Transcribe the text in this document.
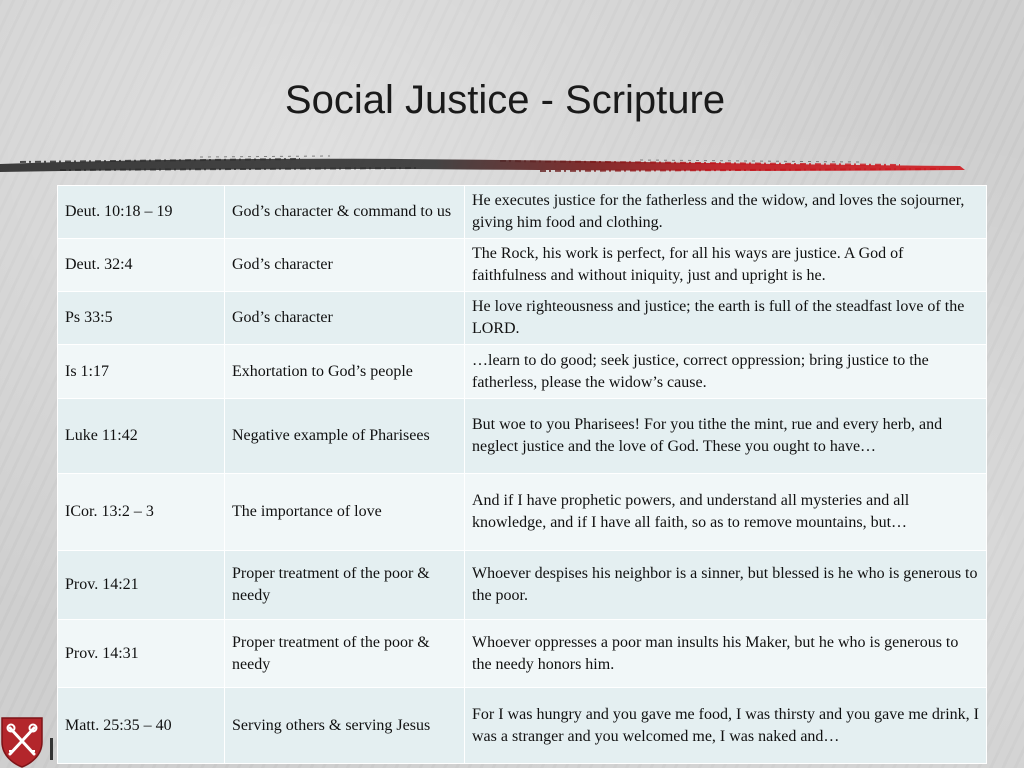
Social Justice - Scripture
Deut. 10:18 – 19	God’s character & command to us	He executes justice for the fatherless and the widow, and loves the sojourner, giving him food and clothing.
Deut. 32:4	God’s character	The Rock, his work is perfect, for all his ways are justice. A God of faithfulness and without iniquity, just and upright is he.
Ps 33:5	God’s character	He love righteousness and justice; the earth is full of the steadfast love of the LORD.
Is 1:17	Exhortation to God’s people	…learn to do good; seek justice, correct oppression; bring justice to the fatherless, please the widow’s cause.
Luke 11:42	Negative example of Pharisees	But woe to you Pharisees! For you tithe the mint, rue and every herb, and neglect justice and the love of God. These you ought to have…
ICor. 13:2 – 3	The importance of love	And if I have prophetic powers, and understand all mysteries and all knowledge, and if I have all faith, so as to remove mountains, but…
Prov. 14:21	Proper treatment of the poor & needy	Whoever despises his neighbor is a sinner, but blessed is he who is generous to the poor.
Prov. 14:31	Proper treatment of the poor & needy	Whoever oppresses a poor man insults his Maker, but he who is generous to the needy honors him.
Matt. 25:35 – 40	Serving others & serving Jesus	For I was hungry and you gave me food, I was thirsty and you gave me drink, I was a stranger and you welcomed me, I was naked and…
